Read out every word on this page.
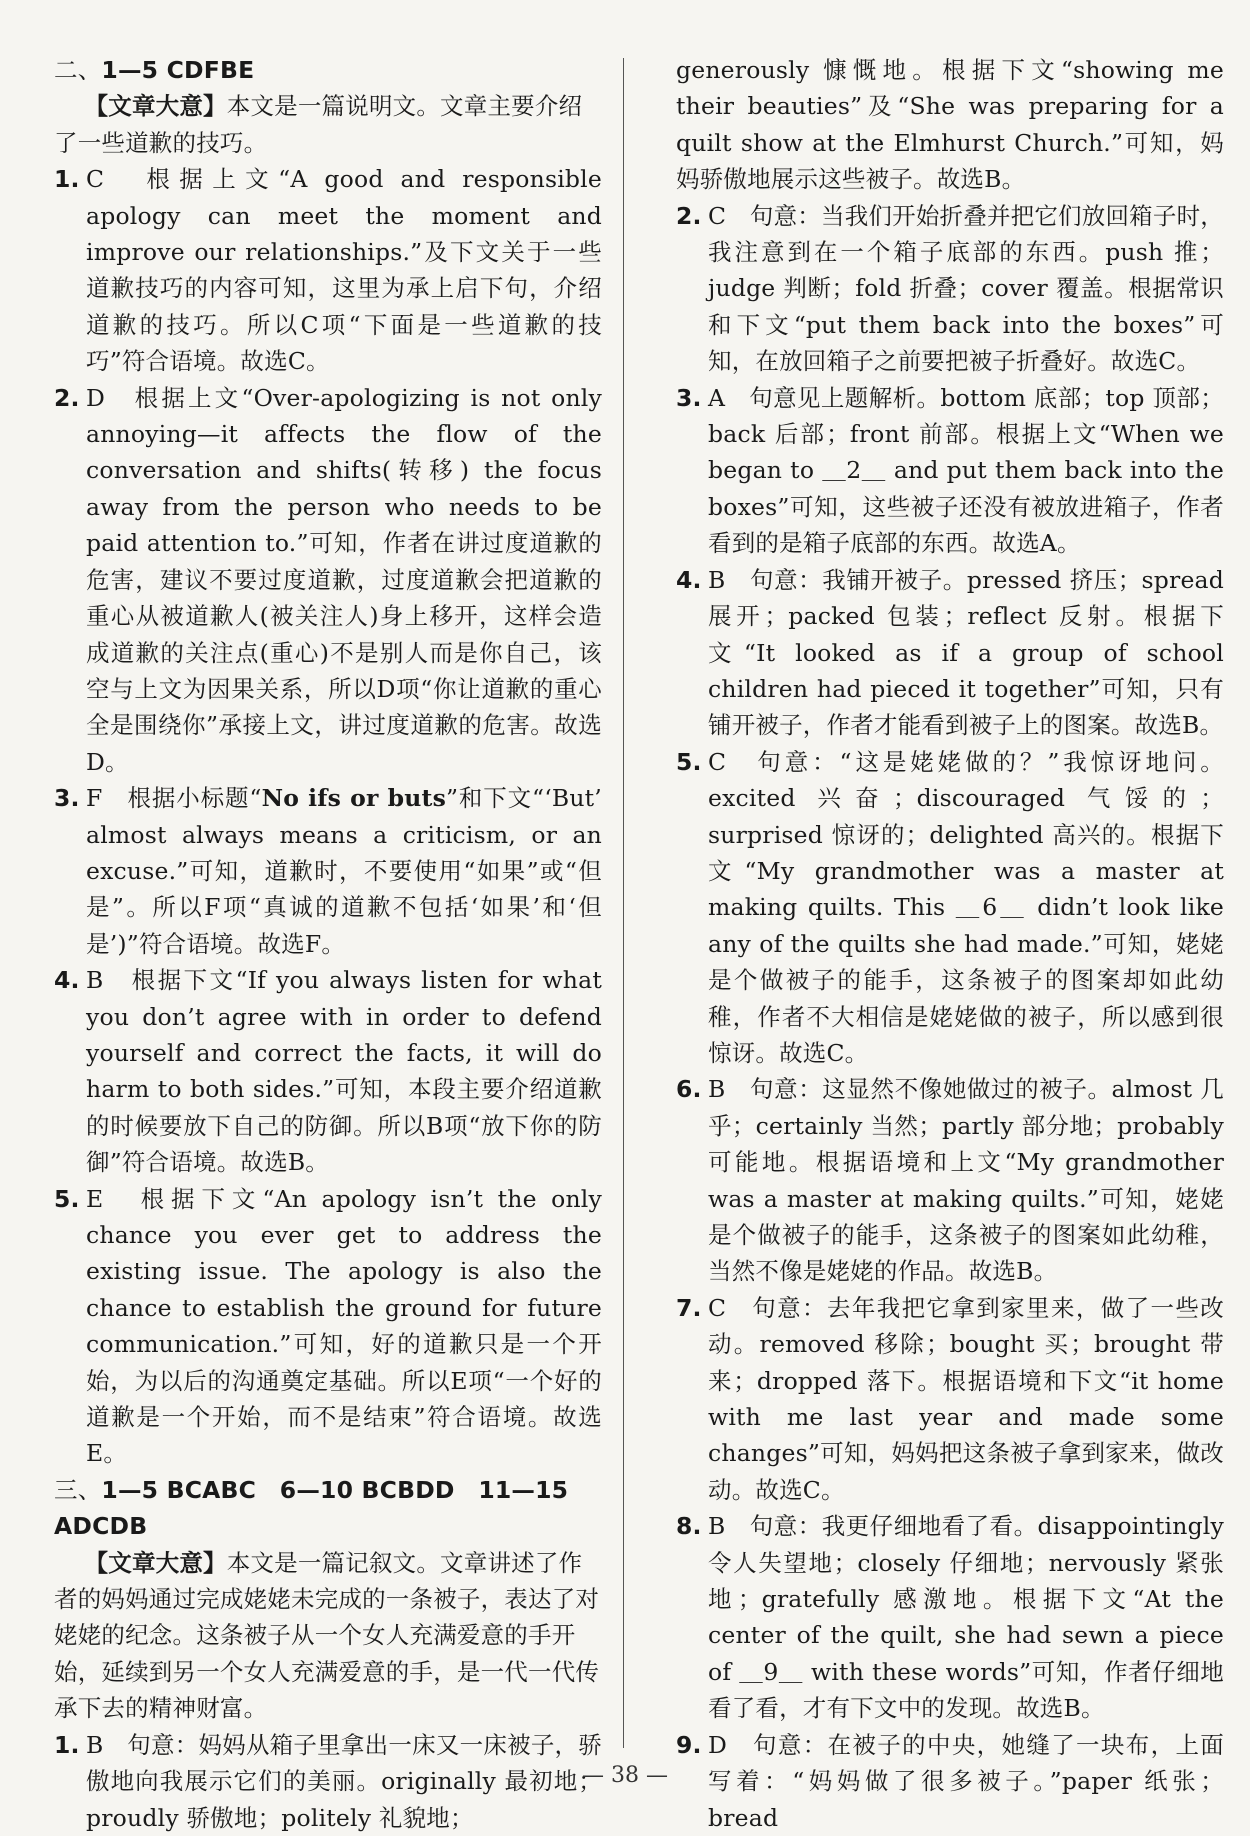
二、1—5 CDFBE
【文章大意】本文是一篇说明文。文章主要介绍了一些道歉的技巧。
1. C　根据上文“A good and responsible apology can meet the moment and improve our relationships.”及下文关于一些道歉技巧的内容可知，这里为承上启下句，介绍道歉的技巧。所以C项“下面是一些道歉的技巧”符合语境。故选C。
2. D　根据上文“Over-apologizing is not only annoying—it affects the flow of the conversation and shifts(转移) the focus away from the person who needs to be paid attention to.”可知，作者在讲过度道歉的危害，建议不要过度道歉，过度道歉会把道歉的重心从被道歉人(被关注人)身上移开，这样会造成道歉的关注点(重心)不是别人而是你自己，该空与上文为因果关系，所以D项“你让道歉的重心全是围绕你”承接上文，讲过度道歉的危害。故选D。
3. F　根据小标题“No ifs or buts”和下文“‘But’ almost always means a criticism, or an excuse.”可知，道歉时，不要使用“如果”或“但是”。所以F项“真诚的道歉不包括‘如果’和‘但是’)”符合语境。故选F。
4. B　根据下文“If you always listen for what you don’t agree with in order to defend yourself and correct the facts, it will do harm to both sides.”可知，本段主要介绍道歉的时候要放下自己的防御。所以B项“放下你的防御”符合语境。故选B。
5. E　根据下文“An apology isn’t the only chance you ever get to address the existing issue. The apology is also the chance to establish the ground for future communication.”可知，好的道歉只是一个开始，为以后的沟通奠定基础。所以E项“一个好的道歉是一个开始，而不是结束”符合语境。故选E。
三、1—5 BCABC　6—10 BCBDD　11—15 ADCDB
【文章大意】本文是一篇记叙文。文章讲述了作者的妈妈通过完成姥姥未完成的一条被子，表达了对姥姥的纪念。这条被子从一个女人充满爱意的手开始，延续到另一个女人充满爱意的手，是一代一代传承下去的精神财富。
1. B　句意：妈妈从箱子里拿出一床又一床被子，骄傲地向我展示它们的美丽。originally 最初地；proudly 骄傲地；politely 礼貌地；
generously 慷慨地。根据下文“showing me their beauties”及“She was preparing for a quilt show at the Elmhurst Church.”可知，妈妈骄傲地展示这些被子。故选B。
2. C　句意：当我们开始折叠并把它们放回箱子时，我注意到在一个箱子底部的东西。push 推；judge 判断；fold 折叠；cover 覆盖。根据常识和下文“put them back into the boxes”可知，在放回箱子之前要把被子折叠好。故选C。
3. A　句意见上题解析。bottom 底部；top 顶部；back 后部；front 前部。根据上文“When we began to ＿2＿ and put them back into the boxes”可知，这些被子还没有被放进箱子，作者看到的是箱子底部的东西。故选A。
4. B　句意：我铺开被子。pressed 挤压；spread 展开；packed 包装；reflect 反射。根据下文“It looked as if a group of school children had pieced it together”可知，只有铺开被子，作者才能看到被子上的图案。故选B。
5. C　句意：“这是姥姥做的？”我惊讶地问。excited 兴奋；discouraged 气馁的；surprised 惊讶的；delighted 高兴的。根据下文“My grandmother was a master at making quilts. This ＿6＿ didn’t look like any of the quilts she had made.”可知，姥姥是个做被子的能手，这条被子的图案却如此幼稚，作者不大相信是姥姥做的被子，所以感到很惊讶。故选C。
6. B　句意：这显然不像她做过的被子。almost 几乎；certainly 当然；partly 部分地；probably 可能地。根据语境和上文“My grandmother was a master at making quilts.”可知，姥姥是个做被子的能手，这条被子的图案如此幼稚，当然不像是姥姥的作品。故选B。
7. C　句意：去年我把它拿到家里来，做了一些改动。removed 移除；bought 买；brought 带来；dropped 落下。根据语境和下文“it home with me last year and made some changes”可知，妈妈把这条被子拿到家来，做改动。故选C。
8. B　句意：我更仔细地看了看。disappointingly 令人失望地；closely 仔细地；nervously 紧张地；gratefully 感激地。根据下文“At the center of the quilt, she had sewn a piece of ＿9＿ with these words”可知，作者仔细地看了看，才有下文中的发现。故选B。
9. D　句意：在被子的中央，她缝了一块布，上面写着：“妈妈做了很多被子。”paper 纸张；bread
— 38 —
